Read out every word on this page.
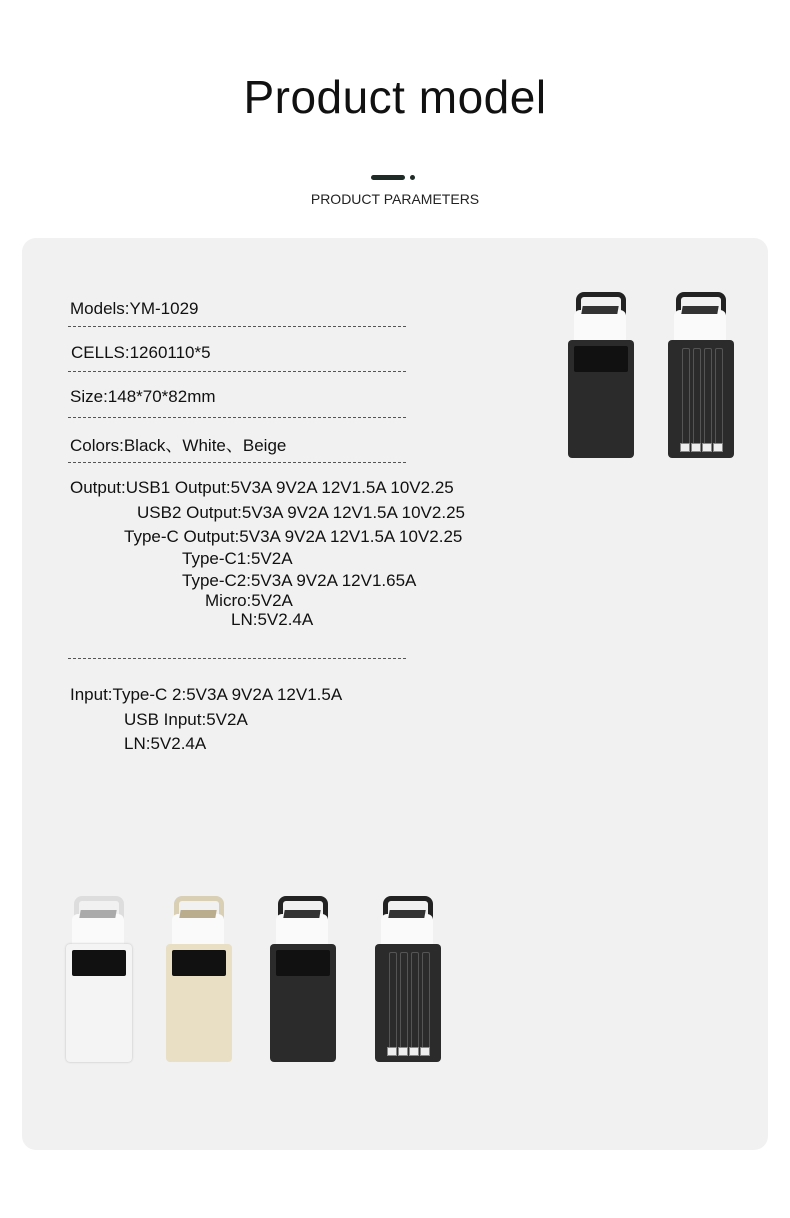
Product model
PRODUCT PARAMETERS
Models:YM-1029
CELLS:1260110*5
Size:148*70*82mm
Colors:Black、White、Beige
Output:USB1 Output:5V3A 9V2A 12V1.5A 10V2.25
USB2 Output:5V3A 9V2A 12V1.5A 10V2.25
Type-C Output:5V3A 9V2A 12V1.5A 10V2.25
Type-C1:5V2A
Type-C2:5V3A 9V2A 12V1.65A
Micro:5V2A
LN:5V2.4A
Input:Type-C 2:5V3A 9V2A 12V1.5A
USB Input:5V2A
LN:5V2.4A
